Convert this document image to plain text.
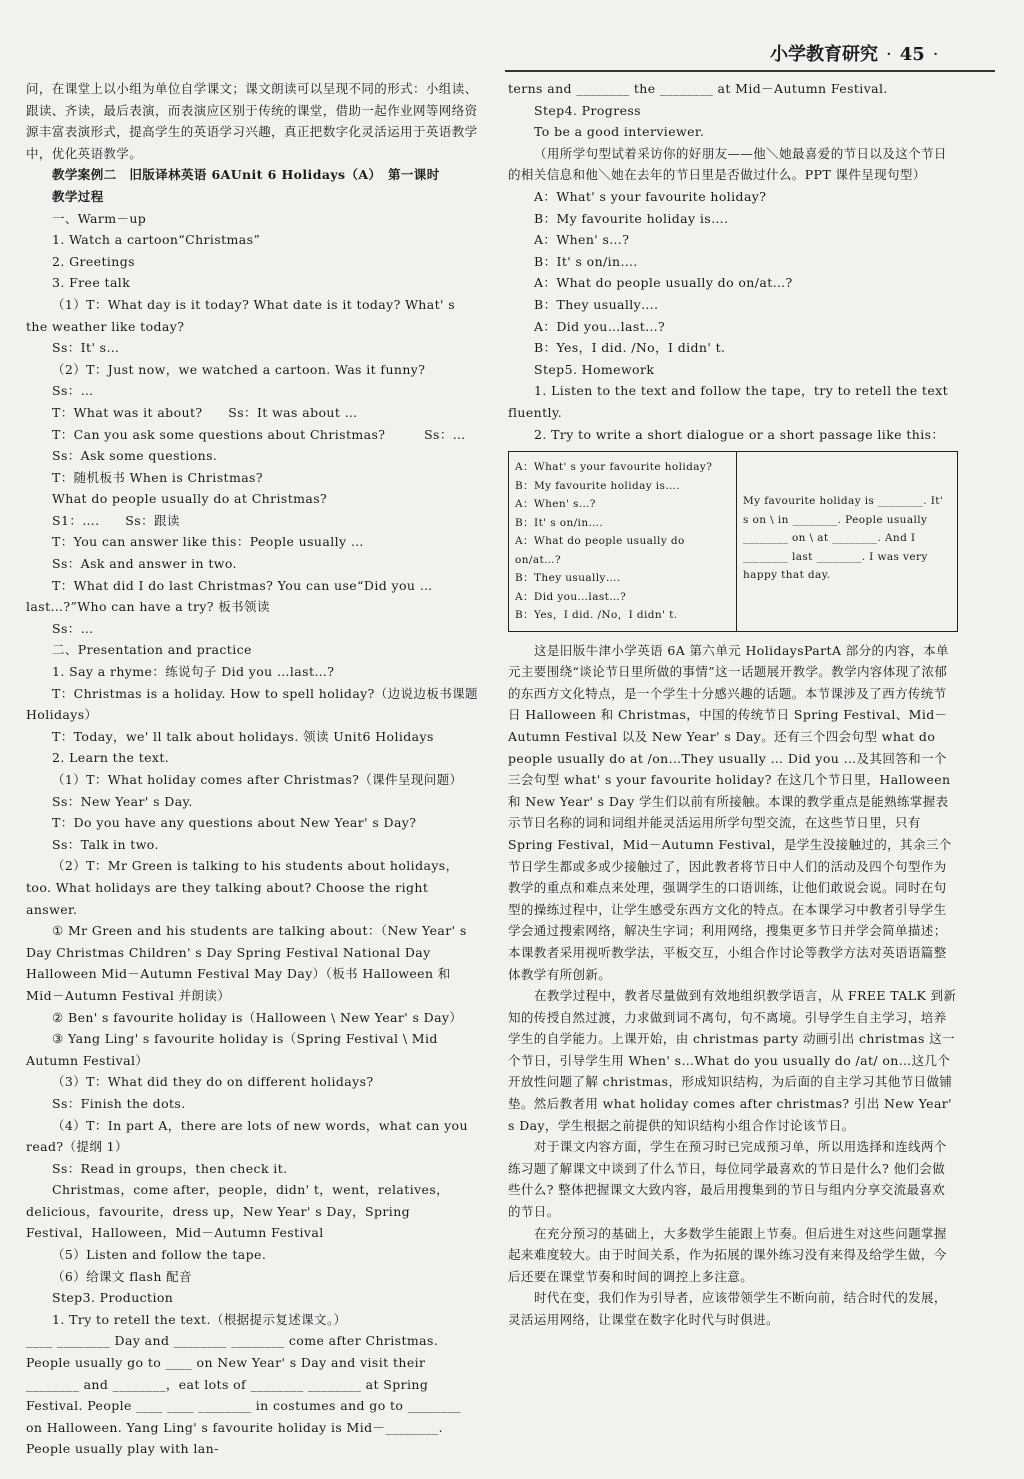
小学教育研究 · 45 ·

问，在课堂上以小组为单位自学课文；课文朗读可以呈现不同的形式：小组读、跟读、齐读，最后表演，而表演应区别于传统的课堂，借助一起作业网等网络资源丰富表演形式，提高学生的英语学习兴趣，真正把数字化灵活运用于英语教学中，优化英语教学。

教学案例二　旧版译林英语 6AUnit 6 Holidays（A）　第一课时

教学过程

一、Warm－up

1. Watch a cartoon“Christmas”

2. Greetings

3. Free talk

（1）T：What day is it today? What date is it today? What' s the weather like today?

Ss：It' s…

（2）T：Just now，we watched a cartoon. Was it funny?

Ss：…

T：What was it about?　　Ss：It was about …

T：Can you ask some questions about Christmas?　　　Ss：…

Ss：Ask some questions.

T：随机板书 When is Christmas?

What do people usually do at Christmas?

S1：….　　Ss：跟读

T：You can answer like this：People usually …

Ss：Ask and answer in two.

T：What did I do last Christmas? You can use“Did you …last…?”Who can have a try? 板书领读

Ss：…

二、Presentation and practice

1. Say a rhyme：练说句子 Did you …last…?

T：Christmas is a holiday. How to spell holiday?（边说边板书课题 Holidays）

T：Today，we' ll talk about holidays. 领读 Unit6 Holidays

2. Learn the text.

（1）T：What holiday comes after Christmas?（课件呈现问题）

Ss：New Year' s Day.

T：Do you have any questions about New Year' s Day?

Ss：Talk in two.

（2）T：Mr Green is talking to his students about holidays，too. What holidays are they talking about? Choose the right answer.

① Mr Green and his students are talking about：（New Year' s Day Christmas Children' s Day Spring Festival National Day Halloween Mid－Autumn Festival May Day）（板书 Halloween 和 Mid－Autumn Festival 并朗读）

② Ben' s favourite holiday is（Halloween \ New Year' s Day）

③ Yang Ling' s favourite holiday is（Spring Festival \ Mid Autumn Festival）

（3）T：What did they do on different holidays?

Ss：Finish the dots.

（4）T：In part A，there are lots of new words，what can you read?（提纲 1）

Ss：Read in groups，then check it.

Christmas，come after，people，didn' t，went，relatives，delicious，favourite，dress up，New Year' s Day，Spring Festival，Halloween，Mid－Autumn Festival

（5）Listen and follow the tape.

（6）给课文 flash 配音

Step3. Production

1. Try to retell the text.（根据提示复述课文。）

____ ________ Day and ________ ________ come after Christmas. People usually go to ____ on New Year' s Day and visit their ________ and ________，eat lots of ________ ________ at Spring Festival. People ____ ____ ________ in costumes and go to ________ on Halloween. Yang Ling' s favourite holiday is Mid－________. People usually play with lan-

terns and ________ the ________ at Mid－Autumn Festival.

Step4. Progress

To be a good interviewer.

（用所学句型试着采访你的好朋友——他＼她最喜爱的节日以及这个节日的相关信息和他＼她在去年的节日里是否做过什么。PPT 课件呈现句型）

A：What' s your favourite holiday?

B：My favourite holiday is….

A：When' s…?

B：It' s on/in….

A：What do people usually do on/at…?

B：They usually….

A：Did you…last…?

B：Yes，I did. /No，I didn' t.

Step5. Homework

1. Listen to the text and follow the tape，try to retell the text fluently.

2. Try to write a short dialogue or a short passage like this：

A：What' s your favourite holiday?
B：My favourite holiday is….
A：When' s…?
B：It' s on/in….
A：What do people usually do on/at…?
B：They usually….
A：Did you…last…?
B：Yes，I did. /No，I didn' t.
My favourite holiday is ________. It' s on \ in ________. People usually ________ on \ at ________. And I ________ last ________. I was very happy that day.

这是旧版牛津小学英语 6A 第六单元 HolidaysPartA 部分的内容，本单元主要围绕“谈论节日里所做的事情”这一话题展开教学。教学内容体现了浓郁的东西方文化特点，是一个学生十分感兴趣的话题。本节课涉及了西方传统节日 Halloween 和 Christmas，中国的传统节日 Spring Festival、Mid－Autumn Festival 以及 New Year' s Day。还有三个四会句型 what do people usually do at /on…They usually … Did you …及其回答和一个三会句型 what' s your favourite holiday? 在这几个节日里，Halloween 和 New Year' s Day 学生们以前有所接触。本课的教学重点是能熟练掌握表示节日名称的词和词组并能灵活运用所学句型交流，在这些节日里，只有 Spring Festival，Mid－Autumn Festival，是学生没接触过的，其余三个节日学生都或多或少接触过了，因此教者将节日中人们的活动及四个句型作为教学的重点和难点来处理，强调学生的口语训练，让他们敢说会说。同时在句型的操练过程中，让学生感受东西方文化的特点。在本课学习中教者引导学生学会通过搜索网络，解决生字词；利用网络，搜集更多节日并学会简单描述；本课教者采用视听教学法，平板交互，小组合作讨论等教学方法对英语语篇整体教学有所创新。

在教学过程中，教者尽量做到有效地组织教学语言，从 FREE TALK 到新知的传授自然过渡，力求做到词不离句，句不离境。引导学生自主学习，培养学生的自学能力。上课开始，由 christmas party 动画引出 christmas 这一个节日，引导学生用 When' s…What do you usually do /at/ on…这几个开放性问题了解 christmas，形成知识结构，为后面的自主学习其他节日做铺垫。然后教者用 what holiday comes after christmas? 引出 New Year' s Day，学生根据之前提供的知识结构小组合作讨论该节日。

对于课文内容方面，学生在预习时已完成预习单，所以用选择和连线两个练习题了解课文中谈到了什么节日，每位同学最喜欢的节日是什么? 他们会做些什么? 整体把握课文大致内容，最后用搜集到的节日与组内分享交流最喜欢的节日。

在充分预习的基础上，大多数学生能跟上节奏。但后进生对这些问题掌握起来难度较大。由于时间关系，作为拓展的课外练习没有来得及给学生做，今后还要在课堂节奏和时间的调控上多注意。

时代在变，我们作为引导者，应该带领学生不断向前，结合时代的发展，灵活运用网络，让课堂在数字化时代与时俱进。
